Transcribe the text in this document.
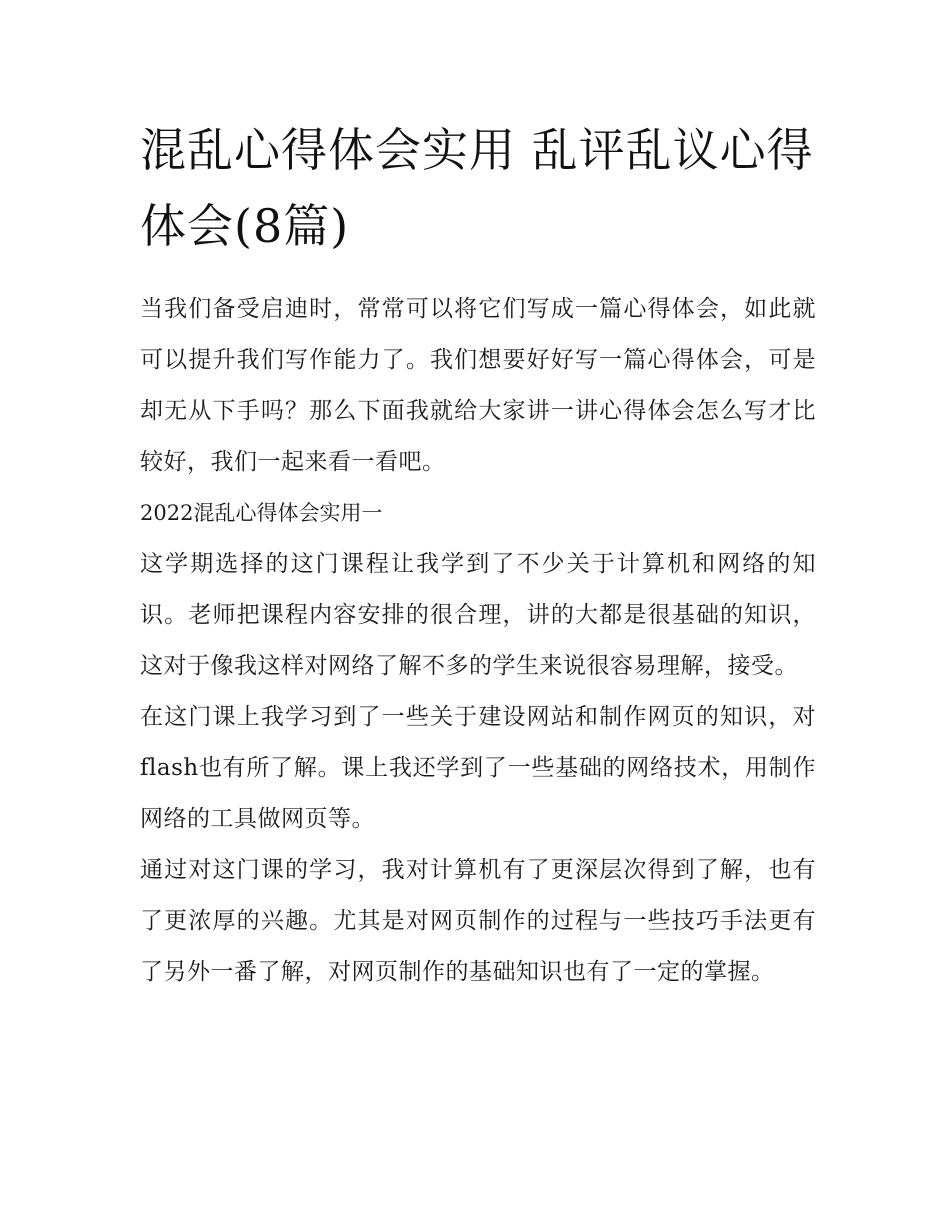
混乱心得体会实用 乱评乱议心得体会(8篇)

当我们备受启迪时，常常可以将它们写成一篇心得体会，如此就可以提升我们写作能力了。我们想要好好写一篇心得体会，可是却无从下手吗？那么下面我就给大家讲一讲心得体会怎么写才比较好，我们一起来看一看吧。

2022混乱心得体会实用一

这学期选择的这门课程让我学到了不少关于计算机和网络的知识。老师把课程内容安排的很合理，讲的大都是很基础的知识，这对于像我这样对网络了解不多的学生来说很容易理解，接受。

在这门课上我学习到了一些关于建设网站和制作网页的知识，对flash也有所了解。课上我还学到了一些基础的网络技术，用制作网络的工具做网页等。

通过对这门课的学习，我对计算机有了更深层次得到了解，也有了更浓厚的兴趣。尤其是对网页制作的过程与一些技巧手法更有了另外一番了解，对网页制作的基础知识也有了一定的掌握。
